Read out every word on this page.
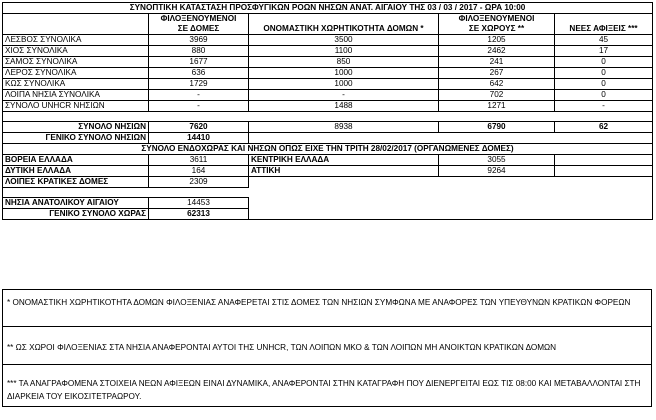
ΣΥΝΟΠΤΙΚΗ ΚΑΤΑΣΤΑΣΗ ΠΡΟΣΦΥΓΙΚΩΝ ΡΟΩΝ ΝΗΣΩΝ ΑΝΑΤ. ΑΙΓΑΙΟΥ ΤΗΣ 03 / 03 / 2017 - ΩΡΑ 10:00				
	ΦΙΛΟΞΕΝΟΥΜΕΝΟΙ		ΦΙΛΟΞΕΝΟΥΜΕΝΟΙ	
	ΣΕ ΔΟΜΕΣ	ΟΝΟΜΑΣΤΙΚΗ ΧΩΡΗΤΙΚΟΤΗΤΑ ΔΟΜΩΝ *	ΣΕ ΧΩΡΟΥΣ **	ΝΕΕΣ ΑΦΙΞΕΙΣ ***
ΛΕΣΒΟΣ ΣΥΝΟΛΙΚΑ	3969	3500	1205	45
ΧΙΟΣ ΣΥΝΟΛΙΚΑ	880	1100	2462	17
ΣΑΜΟΣ ΣΥΝΟΛΙΚΑ	1677	850	241	0
ΛΕΡΟΣ ΣΥΝΟΛΙΚΑ	636	1000	267	0
ΚΩΣ ΣΥΝΟΛΙΚΑ	1729	1000	642	0
ΛΟΙΠΑ ΝΗΣΙΑ ΣΥΝΟΛΙΚΑ	-	-	702	0
ΣΥΝΟΛΟ UNHCR ΝΗΣΙΩΝ	-	1488	1271	-

ΣΥΝΟΛΟ ΝΗΣΙΩΝ	7620	8938	6790	62
ΓΕΝΙΚΟ ΣΥΝΟΛΟ ΝΗΣΙΩΝ	14410			
ΣΥΝΟΛΟ ΕΝΔΟΧΩΡΑΣ ΚΑΙ ΝΗΣΩΝ ΟΠΩΣ ΕΙΧΕ ΤΗΝ ΤΡΙΤΗ 28/02/2017 (ΟΡΓΑΝΩΜΕΝΕΣ ΔΟΜΕΣ)				
ΒΟΡΕΙΑ ΕΛΛΑΔΑ	3611	ΚΕΝΤΡΙΚΗ ΕΛΛΑΔΑ	3055	
ΔΥΤΙΚΗ ΕΛΛΑΔΑ	164	ΑΤΤΙΚΗ	9264	
ΛΟΙΠΕΣ ΚΡΑΤΙΚΕΣ ΔΟΜΕΣ	2309			

ΝΗΣΙΑ ΑΝΑΤΟΛΙΚΟΥ ΑΙΓΑΙΟΥ	14453			
ΓΕΝΙΚΟ ΣΥΝΟΛΟ ΧΩΡΑΣ	62313			
* ΟΝΟΜΑΣΤΙΚΗ ΧΩΡΗΤΙΚΟΤΗΤΑ ΔΟΜΩΝ ΦΙΛΟΞΕΝΙΑΣ ΑΝΑΦΕΡΕΤΑΙ ΣΤΙΣ ΔΟΜΕΣ ΤΩΝ ΝΗΣΙΩΝ ΣΥΜΦΩΝΑ ΜΕ ΑΝΑΦΟΡΕΣ ΤΩΝ ΥΠΕΥΘΥΝΩΝ ΚΡΑΤΙΚΩΝ ΦΟΡΕΩΝ
** ΩΣ ΧΩΡΟΙ ΦΙΛΟΞΕΝΙΑΣ ΣΤΑ ΝΗΣΙΑ ΑΝΑΦΕΡΟΝΤΑΙ ΑΥΤΟΙ ΤΗΣ UNHCR, ΤΩΝ ΛΟΙΠΩΝ ΜΚΟ & ΤΩΝ ΛΟΙΠΩΝ ΜΗ ΑΝΟΙΚΤΩΝ ΚΡΑΤΙΚΩΝ ΔΟΜΩΝ
*** ΤΑ ΑΝΑΓΡΑΦΟΜΕΝΑ ΣΤΟΙΧΕΙΑ ΝΕΩΝ ΑΦΙΞΕΩΝ ΕΙΝΑΙ ΔΥΝΑΜΙΚΑ, ΑΝΑΦΕΡΟΝΤΑΙ ΣΤΗΝ ΚΑΤΑΓΡΑΦΗ ΠΟΥ ΔΙΕΝΕΡΓΕΙΤΑΙ ΕΩΣ ΤΙΣ 08:00 ΚΑΙ ΜΕΤΑΒΑΛΛΟΝΤΑΙ ΣΤΗ ΔΙΑΡΚΕΙΑ ΤΟΥ ΕΙΚΟΣΙΤΕΤΡΑΩΡΟΥ.
